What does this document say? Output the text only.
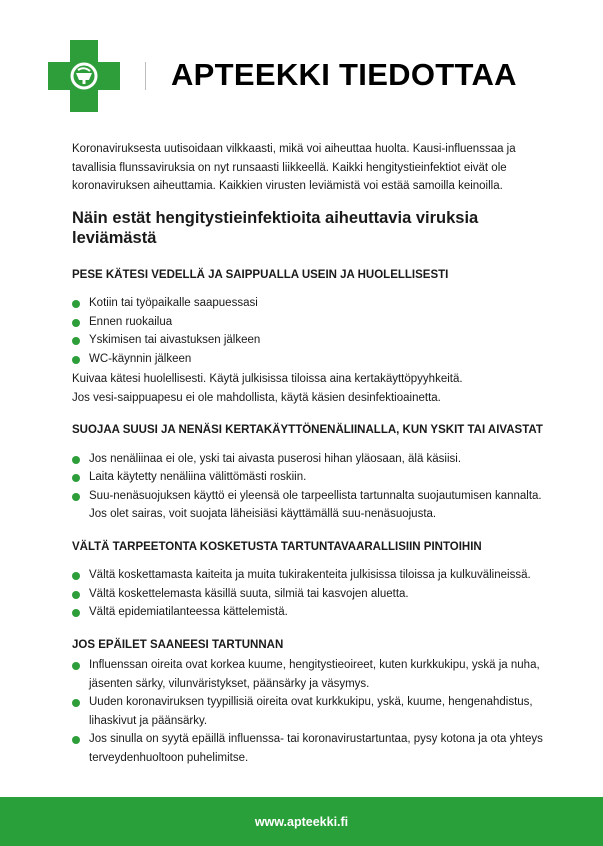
APTEEKKI TIEDOTTAA

Koronaviruksesta uutisoidaan vilkkaasti, mikä voi aiheuttaa huolta. Kausi-influenssaa ja tavallisia flunssaviruksia on nyt runsaasti liikkeellä. Kaikki hengitystieinfektiot eivät ole koronaviruksen aiheuttamia. Kaikkien virusten leviämistä voi estää samoilla keinoilla.

Näin estät hengitystieinfektioita aiheuttavia viruksia leviämästä
PESE KÄTESI VEDELLÄ JA SAIPPUALLA USEIN JA HUOLELLISESTI
Kotiin tai työpaikalle saapuessasi
Ennen ruokailua
Yskimisen tai aivastuksen jälkeen
WC-käynnin jälkeen

Kuivaa kätesi huolellisesti. Käytä julkisissa tiloissa aina kertakäyttöpyyhkeitä.
Jos vesi-saippuapesu ei ole mahdollista, käytä käsien desinfektioainetta.

SUOJAA SUUSI JA NENÄSI KERTAKÄYTTÖNENÄLIINALLA, KUN YSKIT TAI AIVASTAT
Jos nenäliinaa ei ole, yski tai aivasta puserosi hihan yläosaan, älä käsiisi.
Laita käytetty nenäliina välittömästi roskiin.
Suu-nenäsuojuksen käyttö ei yleensä ole tarpeellista tartunnalta suojautumisen kannalta. Jos olet sairas, voit suojata läheisiäsi käyttämällä suu-nenäsuojusta.
VÄLTÄ TARPEETONTA KOSKETUSTA TARTUNTAVAARALLISIIN PINTOIHIN
Vältä koskettamasta kaiteita ja muita tukirakenteita julkisissa tiloissa ja kulkuvälineissä.
Vältä koskettelemasta käsillä suuta, silmiä tai kasvojen aluetta.
Vältä epidemiatilanteessa kättelemistä.
JOS EPÄILET SAANEESI TARTUNNAN
Influenssan oireita ovat korkea kuume, hengitystieoireet, kuten kurkkukipu, yskä ja nuha, jäsenten särky, vilunväristykset, päänsärky ja väsymys.
Uuden koronaviruksen tyypillisiä oireita ovat kurkkukipu, yskä, kuume, hengenahdistus, lihaskivut ja päänsärky.
Jos sinulla on syytä epäillä influenssa- tai koronavirustartuntaa, pysy kotona ja ota yhteys terveydenhuoltoon puhelimitse.
www.apteekki.fi
